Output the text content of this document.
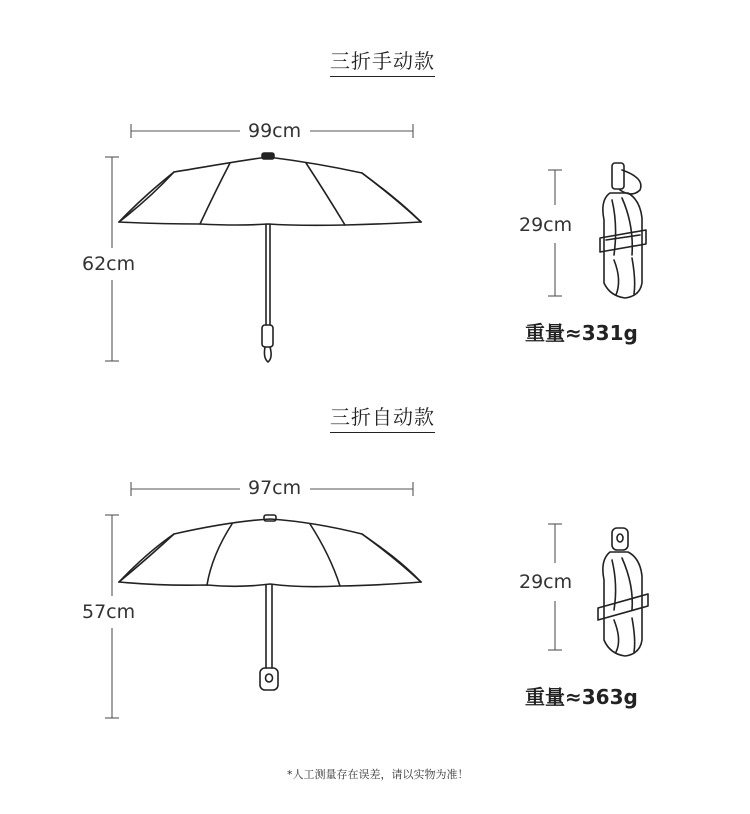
三折手动款
99cm
62cm
29cm
重量≈331g
三折自动款
97cm
57cm
29cm
重量≈363g
*人工测量存在误差，请以实物为准！
